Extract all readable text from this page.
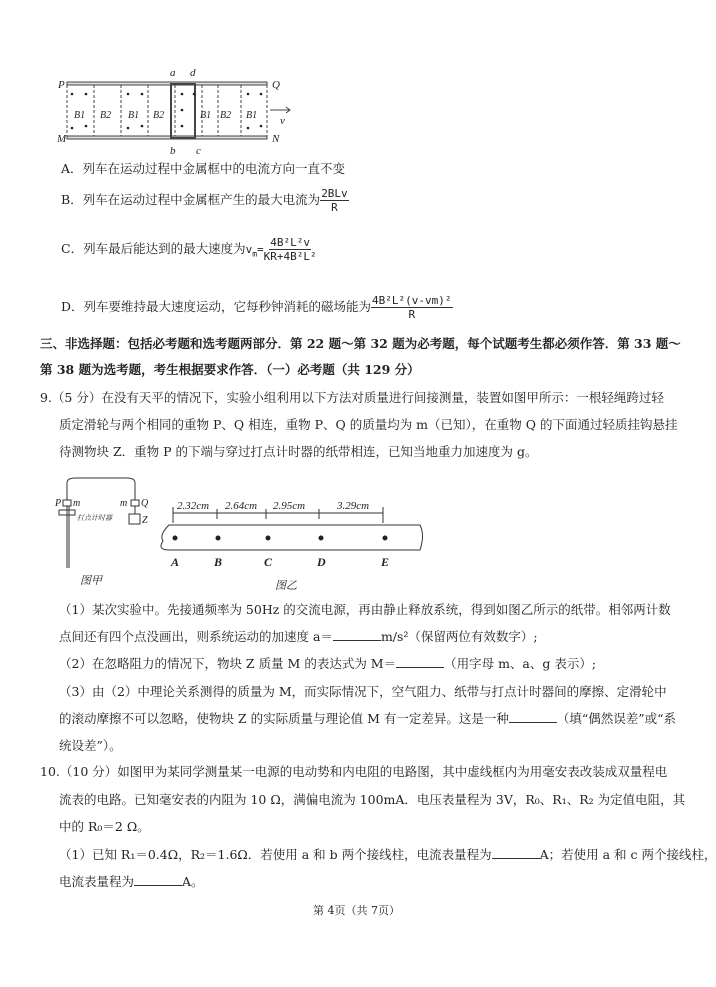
a d
b c
P	Q
M	N
v
B1 B2 B1 B2	B1 B2 B1
A．列车在运动过程中金属框中的电流方向一直不变
B．列车在运动过程中金属框产生的最大电流为 $\frac{\text{2BLv}}{R}$
C．列车最后能达到的最大速度为$v_m= \frac{\text{4B²L²v}}{\text{KR+4B²L²}}$
D．列车要维持最大速度运动，它每秒钟消耗的磁场能为 $\frac{\text{4B²L²(v-vm)²}}{R}$
三、非选择题：包括必考题和选考题两部分．第 22 题～第 32 题为必考题，每个试题考生都必须作答．第 33 题～
第 38 题为选考题，考生根据要求作答．（一）必考题（共 129 分）
9.（5 分）在没有天平的情况下，实验小组利用以下方法对质量进行间接测量，装置如图甲所示：一根轻绳跨过轻
质定滑轮与两个相同的重物 P、Q 相连，重物 P、Q 的质量均为 m（已知），在重物 Q 的下面通过轻质挂钩悬挂
待测物块 Z．重物 P 的下端与穿过打点计时器的纸带相连，已知当地重力加速度为 g。
P m	m Q
Z
打点计时器
图甲
2.32cm 2.64cm 2.95cm	3.29cm
A	B	C	D	E
图乙
（1）某次实验中。先接通频率为 50Hz 的交流电源，再由静止释放系统，得到如图乙所示的纸带。相邻两计数
点间还有四个点没画出，则系统运动的加速度 a＝	m/s²（保留两位有效数字）;
（2）在忽略阻力的情况下，物块 Z 质量 M 的表达式为 M＝	（用字母 m、a、g 表示）;
（3）由（2）中理论关系测得的质量为 M，而实际情况下，空气阻力、纸带与打点计时器间的摩擦、定滑轮中
的滚动摩擦不可以忽略，使物块 Z 的实际质量与理论值 M 有一定差异。这是一种	（填“偶然误差”或“系
统设差”）。
10.（10 分）如图甲为某同学测量某一电源的电动势和内电阻的电路图，其中虚线框内为用毫安表改装成双量程电
流表的电路。已知毫安表的内阻为 10 Ω，满偏电流为 100mA．电压表量程为 3V，R₀、R₁、R₂ 为定值电阻，其
中的 R₀＝2 Ω。
（1）已知 R₁＝0.4Ω，R₂＝1.6Ω．若使用 a 和 b 两个接线柱，电流表量程为	A；若使用 a 和 c 两个接线柱，
电流表量程为	A。
第 4页（共 7页）
